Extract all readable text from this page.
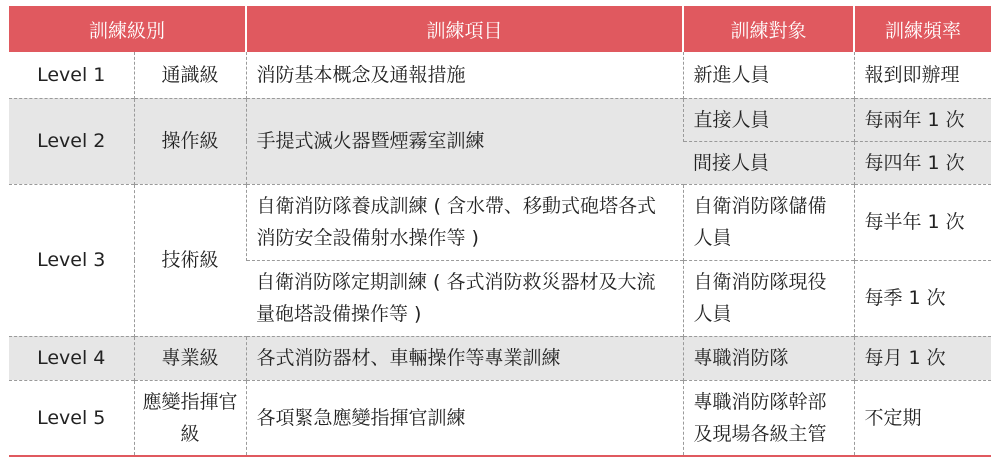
訓練級別		訓練項目	訓練對象	訓練頻率
Level 1	通識級	消防基本概念及通報措施	新進人員	報到即辦理
Level 2	操作級	手提式滅火器暨煙霧室訓練	直接人員	每兩年 1 次
			間接人員	每四年 1 次
Level 3	技術級	自衛消防隊養成訓練 ( 含水帶、移動式砲塔各式消防安全設備射水操作等 )	自衛消防隊儲備人員	每半年 1 次
		自衛消防隊定期訓練 ( 各式消防救災器材及大流量砲塔設備操作等 )	自衛消防隊現役人員	每季 1 次
Level 4	專業級	各式消防器材、車輛操作等專業訓練	專職消防隊	每月 1 次
Level 5	應變指揮官級	各項緊急應變指揮官訓練	專職消防隊幹部及現場各級主管	不定期
